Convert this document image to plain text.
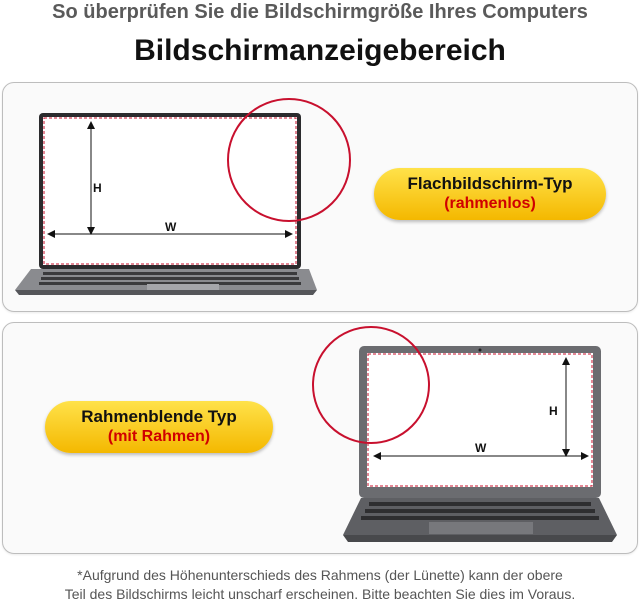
So überprüfen Sie die Bildschirmgröße Ihres Computers
Bildschirmanzeigebereich
H
W
Flachbildschirm-Typ
(rahmenlos)
H
W
Rahmenblende Typ
(mit Rahmen)
*Aufgrund des Höhenunterschieds des Rahmens (der Lünette) kann der obere
Teil des Bildschirms leicht unscharf erscheinen. Bitte beachten Sie dies im Voraus.
